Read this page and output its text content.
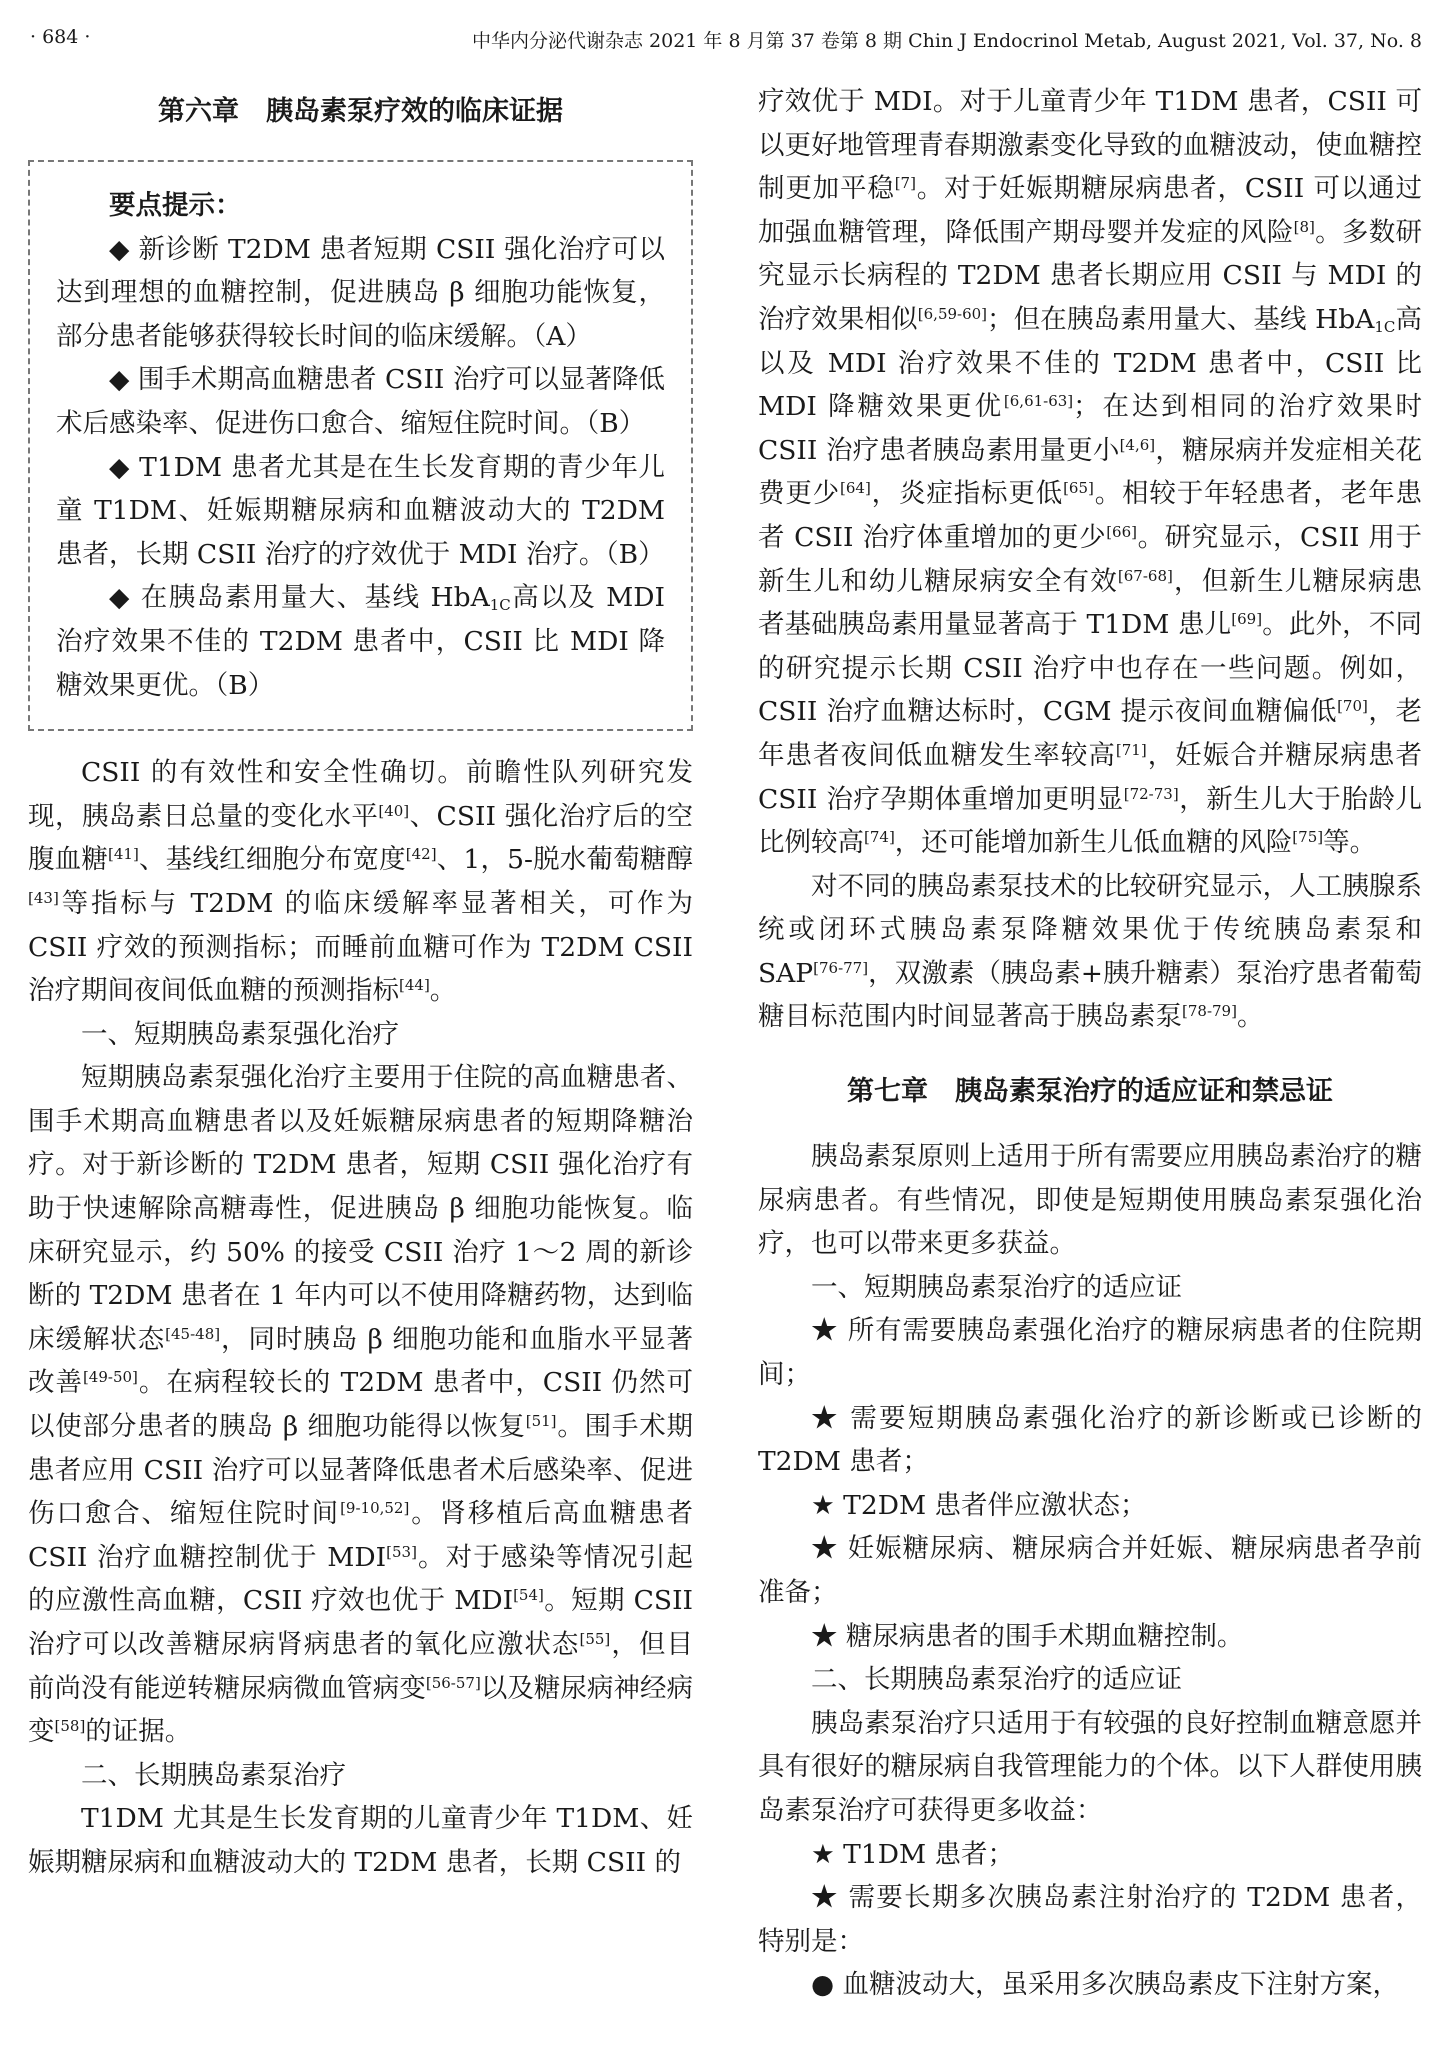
· 684 ·	中华内分泌代谢杂志 2021 年 8 月第 37 卷第 8 期 Chin J Endocrinol Metab, August 2021, Vol. 37, No. 8
第六章　胰岛素泵疗效的临床证据

要点提示：

◆ 新诊断 T2DM 患者短期 CSII 强化治疗可以达到理想的血糖控制，促进胰岛 β 细胞功能恢复，部分患者能够获得较长时间的临床缓解。（A）

◆ 围手术期高血糖患者 CSII 治疗可以显著降低术后感染率、促进伤口愈合、缩短住院时间。（B）

◆ T1DM 患者尤其是在生长发育期的青少年儿童 T1DM、妊娠期糖尿病和血糖波动大的 T2DM 患者，长期 CSII 治疗的疗效优于 MDI 治疗。（B）

◆ 在胰岛素用量大、基线 HbA$_{1C}$高以及 MDI 治疗效果不佳的 T2DM 患者中，CSII 比 MDI 降糖效果更优。（B）

CSII 的有效性和安全性确切。前瞻性队列研究发现，胰岛素日总量的变化水平[40]、CSII 强化治疗后的空腹血糖[41]、基线红细胞分布宽度[42]、1，5-脱水葡萄糖醇[43]等指标与 T2DM 的临床缓解率显著相关，可作为 CSII 疗效的预测指标；而睡前血糖可作为 T2DM CSII 治疗期间夜间低血糖的预测指标[44]。

一、短期胰岛素泵强化治疗

短期胰岛素泵强化治疗主要用于住院的高血糖患者、围手术期高血糖患者以及妊娠糖尿病患者的短期降糖治疗。对于新诊断的 T2DM 患者，短期 CSII 强化治疗有助于快速解除高糖毒性，促进胰岛 β 细胞功能恢复。临床研究显示，约 50% 的接受 CSII 治疗 1～2 周的新诊断的 T2DM 患者在 1 年内可以不使用降糖药物，达到临床缓解状态[45-48]，同时胰岛 β 细胞功能和血脂水平显著改善[49-50]。在病程较长的 T2DM 患者中，CSII 仍然可以使部分患者的胰岛 β 细胞功能得以恢复[51]。围手术期患者应用 CSII 治疗可以显著降低患者术后感染率、促进伤口愈合、缩短住院时间[9-10,52]。肾移植后高血糖患者 CSII 治疗血糖控制优于 MDI[53]。对于感染等情况引起的应激性高血糖，CSII 疗效也优于 MDI[54]。短期 CSII 治疗可以改善糖尿病肾病患者的氧化应激状态[55]，但目前尚没有能逆转糖尿病微血管病变[56-57]以及糖尿病神经病变[58]的证据。

二、长期胰岛素泵治疗

T1DM 尤其是生长发育期的儿童青少年 T1DM、妊娠期糖尿病和血糖波动大的 T2DM 患者，长期 CSII 的

疗效优于 MDI。对于儿童青少年 T1DM 患者，CSII 可以更好地管理青春期激素变化导致的血糖波动，使血糖控制更加平稳[7]。对于妊娠期糖尿病患者，CSII 可以通过加强血糖管理，降低围产期母婴并发症的风险[8]。多数研究显示长病程的 T2DM 患者长期应用 CSII 与 MDI 的治疗效果相似[6,59-60]；但在胰岛素用量大、基线 HbA$_{1C}$高以及 MDI 治疗效果不佳的 T2DM 患者中，CSII 比 MDI 降糖效果更优[6,61-63]；在达到相同的治疗效果时 CSII 治疗患者胰岛素用量更小[4,6]，糖尿病并发症相关花费更少[64]，炎症指标更低[65]。相较于年轻患者，老年患者 CSII 治疗体重增加的更少[66]。研究显示，CSII 用于新生儿和幼儿糖尿病安全有效[67-68]，但新生儿糖尿病患者基础胰岛素用量显著高于 T1DM 患儿[69]。此外，不同的研究提示长期 CSII 治疗中也存在一些问题。例如，CSII 治疗血糖达标时，CGM 提示夜间血糖偏低[70]，老年患者夜间低血糖发生率较高[71]，妊娠合并糖尿病患者 CSII 治疗孕期体重增加更明显[72-73]，新生儿大于胎龄儿比例较高[74]，还可能增加新生儿低血糖的风险[75]等。

对不同的胰岛素泵技术的比较研究显示，人工胰腺系统或闭环式胰岛素泵降糖效果优于传统胰岛素泵和 SAP[76-77]，双激素（胰岛素+胰升糖素）泵治疗患者葡萄糖目标范围内时间显著高于胰岛素泵[78-79]。

第七章　胰岛素泵治疗的适应证和禁忌证

胰岛素泵原则上适用于所有需要应用胰岛素治疗的糖尿病患者。有些情况，即使是短期使用胰岛素泵强化治疗，也可以带来更多获益。

一、短期胰岛素泵治疗的适应证

★ 所有需要胰岛素强化治疗的糖尿病患者的住院期间；

★ 需要短期胰岛素强化治疗的新诊断或已诊断的 T2DM 患者；

★ T2DM 患者伴应激状态；

★ 妊娠糖尿病、糖尿病合并妊娠、糖尿病患者孕前准备；

★ 糖尿病患者的围手术期血糖控制。

二、长期胰岛素泵治疗的适应证

胰岛素泵治疗只适用于有较强的良好控制血糖意愿并具有很好的糖尿病自我管理能力的个体。以下人群使用胰岛素泵治疗可获得更多收益：

★ T1DM 患者；

★ 需要长期多次胰岛素注射治疗的 T2DM 患者，特别是：

● 血糖波动大，虽采用多次胰岛素皮下注射方案，
